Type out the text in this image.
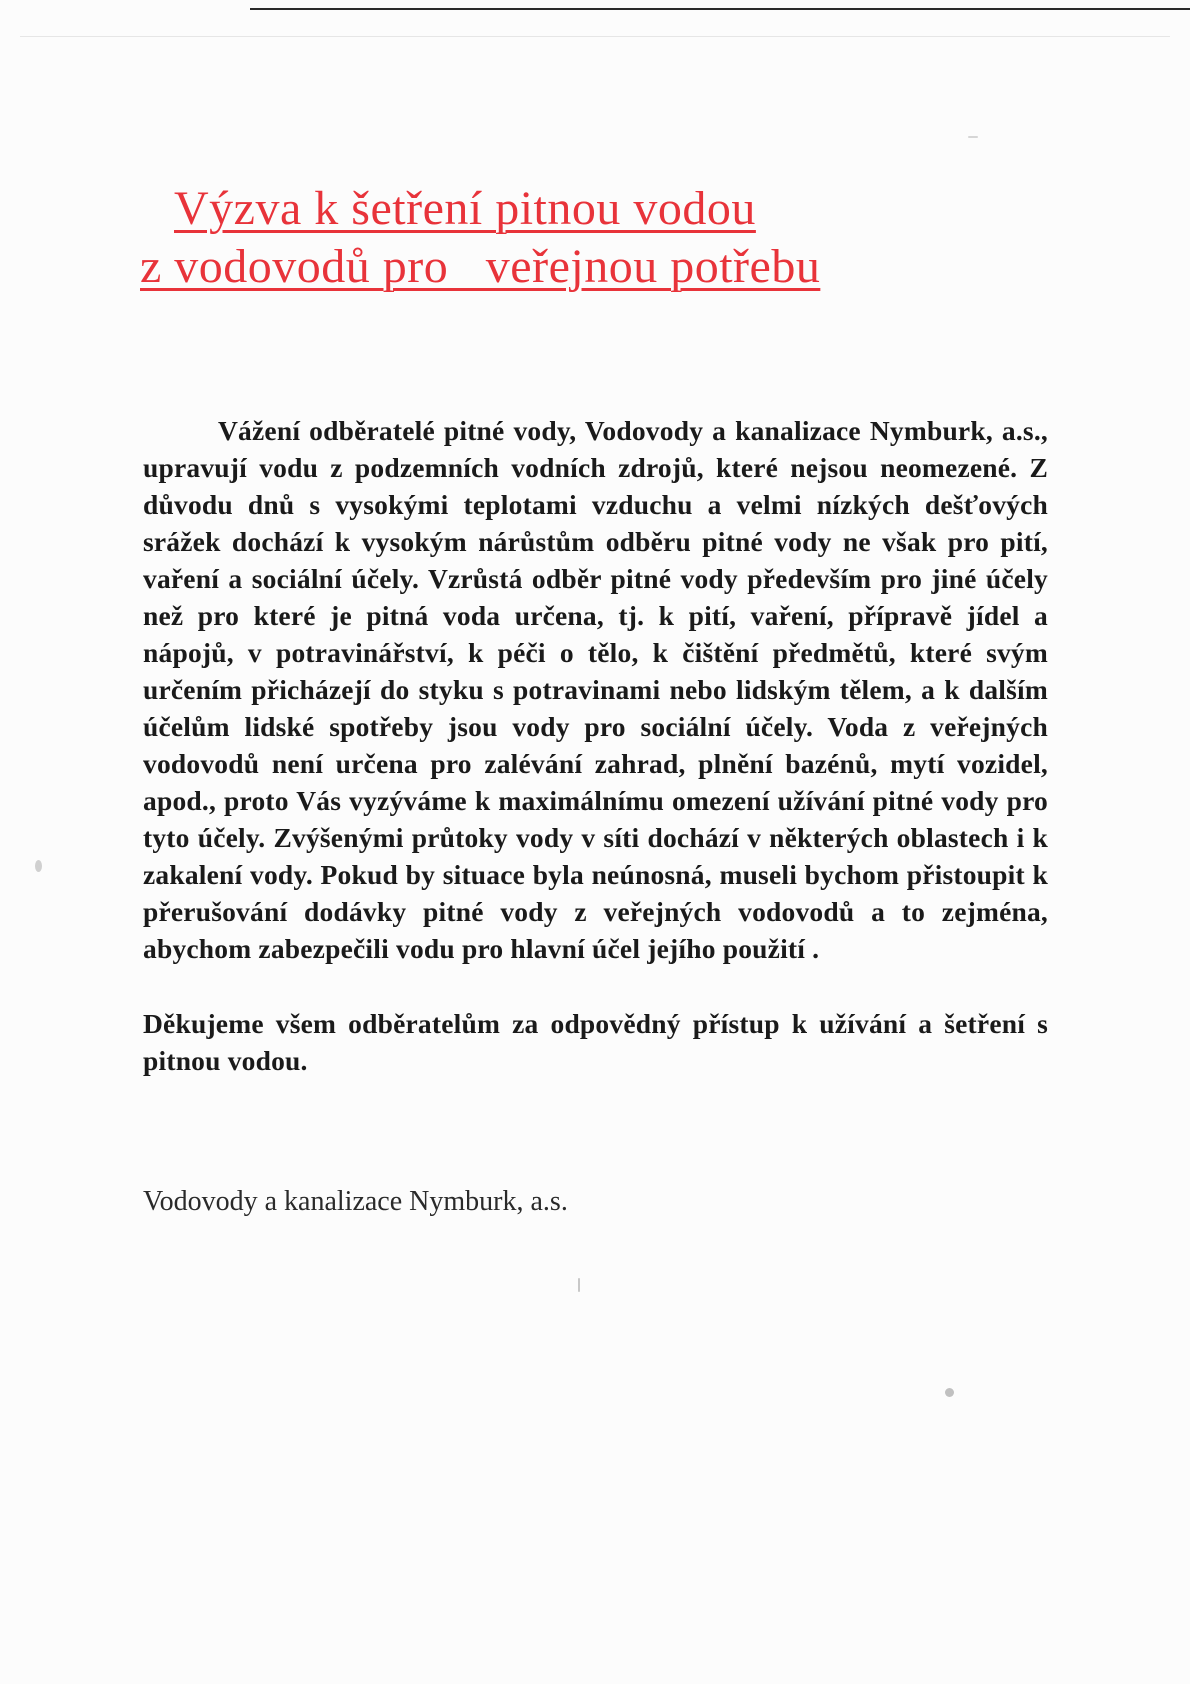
Výzva k šetření pitnou vodou
z vodovodů pro   veřejnou potřebu

Vážení odběratelé pitné vody, Vodovody a kanalizace Nymburk, a.s., upravují vodu z podzemních vodních zdrojů, které nejsou neomezené. Z důvodu dnů s vysokými teplotami vzduchu a velmi nízkých dešťových srážek dochází k vysokým nárůstům odběru pitné vody ne však pro pití, vaření a sociální účely. Vzrůstá odběr pitné vody především pro jiné účely než pro které je pitná voda určena, tj. k pití, vaření, přípravě jídel a nápojů, v potravinářství, k péči o tělo, k čištění předmětů, které svým určením přicházejí do styku s potravinami nebo lidským tělem, a k dalším účelům lidské spotřeby jsou vody pro sociální účely. Voda z veřejných vodovodů není určena pro zalévání zahrad, plnění bazénů, mytí vozidel, apod., proto Vás vyzýváme k maximálnímu omezení užívání pitné vody pro tyto účely. Zvýšenými průtoky vody v síti dochází v některých oblastech i k zakalení vody. Pokud by situace byla neúnosná, museli bychom přistoupit k přerušování dodávky pitné vody z veřejných vodovodů a to zejména, abychom zabezpečili vodu pro hlavní účel jejího použití .

Děkujeme všem odběratelům za odpovědný přístup k užívání a šetření s pitnou vodou.

Vodovody a kanalizace Nymburk, a.s.
